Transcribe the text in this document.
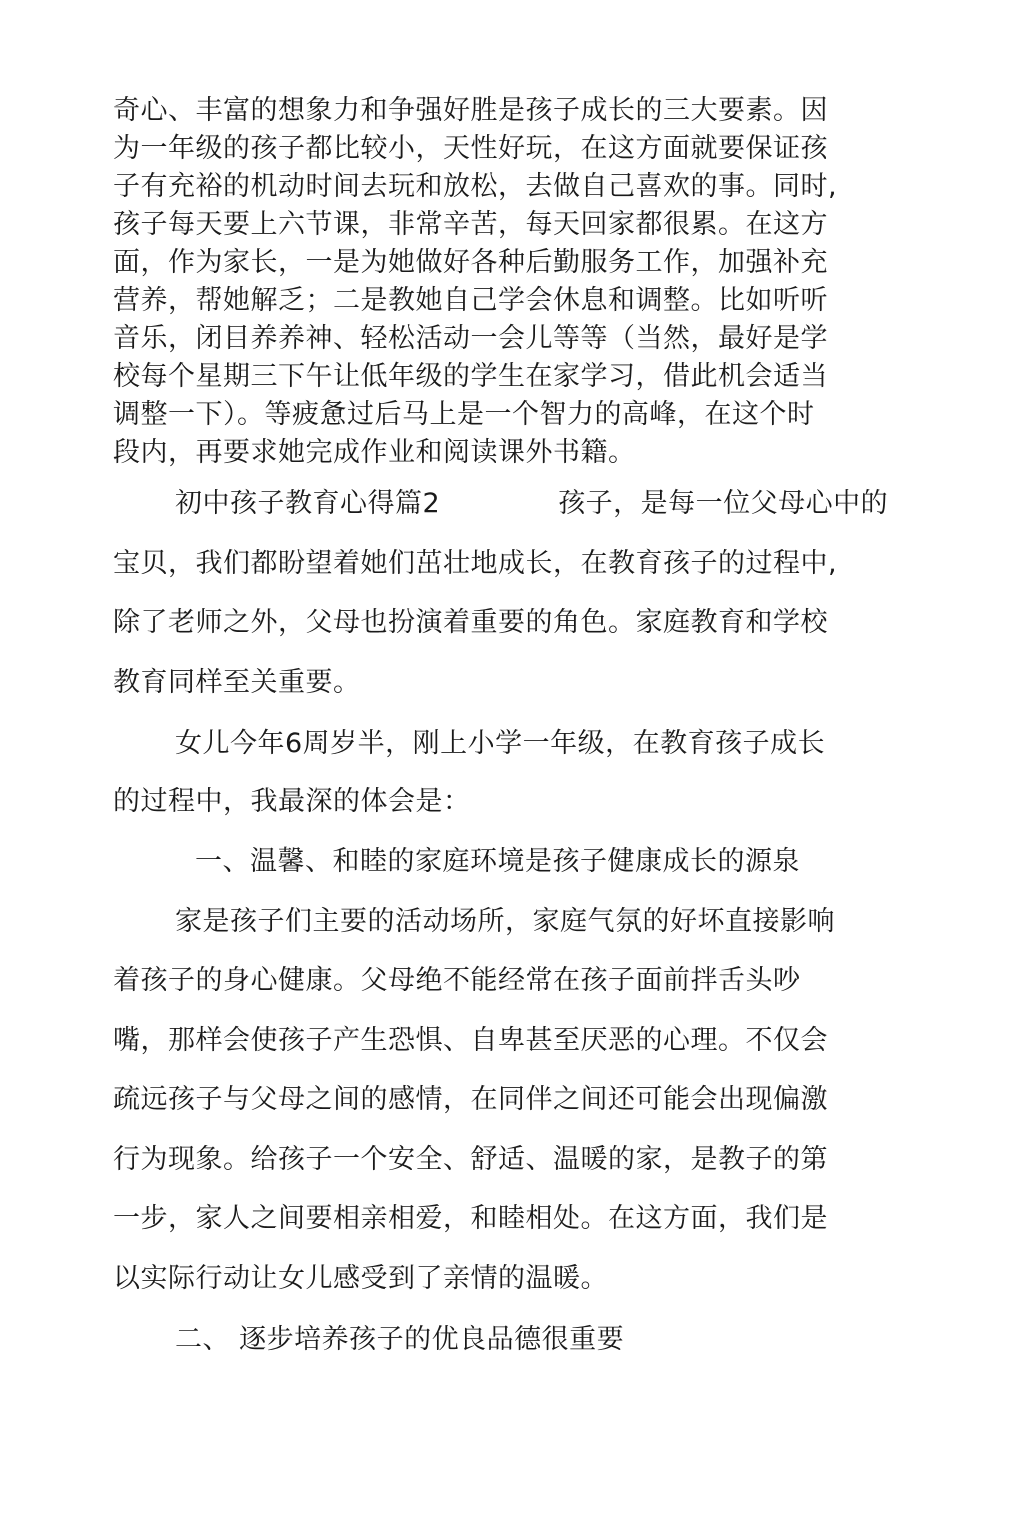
奇心、丰富的想象力和争强好胜是孩子成长的三大要素。因
为一年级的孩子都比较小，天性好玩，在这方面就要保证孩
子有充裕的机动时间去玩和放松，去做自己喜欢的事。同时,
孩子每天要上六节课，非常辛苦，每天回家都很累。在这方
面，作为家长，一是为她做好各种后勤服务工作，加强补充
营养，帮她解乏；二是教她自己学会休息和调整。比如听听
音乐，闭目养养神、轻松活动一会儿等等（当然，最好是学
校每个星期三下午让低年级的学生在家学习，借此机会适当
调整一下）。等疲惫过后马上是一个智力的高峰，在这个时
段内，再要求她完成作业和阅读课外书籍。
初中孩子教育心得篇2	孩子，是每一位父母心中的
宝贝，我们都盼望着她们茁壮地成长，在教育孩子的过程中,
除了老师之外，父母也扮演着重要的角色。家庭教育和学校
教育同样至关重要。
女儿今年6周岁半，刚上小学一年级，在教育孩子成长
的过程中，我最深的体会是：
一、温馨、和睦的家庭环境是孩子健康成长的源泉
家是孩子们主要的活动场所，家庭气氛的好坏直接影响
着孩子的身心健康。父母绝不能经常在孩子面前拌舌头吵
嘴，那样会使孩子产生恐惧、自卑甚至厌恶的心理。不仅会
疏远孩子与父母之间的感情，在同伴之间还可能会出现偏激
行为现象。给孩子一个安全、舒适、温暖的家，是教子的第
一步，家人之间要相亲相爱，和睦相处。在这方面，我们是
以实际行动让女儿感受到了亲情的温暖。
二、 逐步培养孩子的优良品德很重要
